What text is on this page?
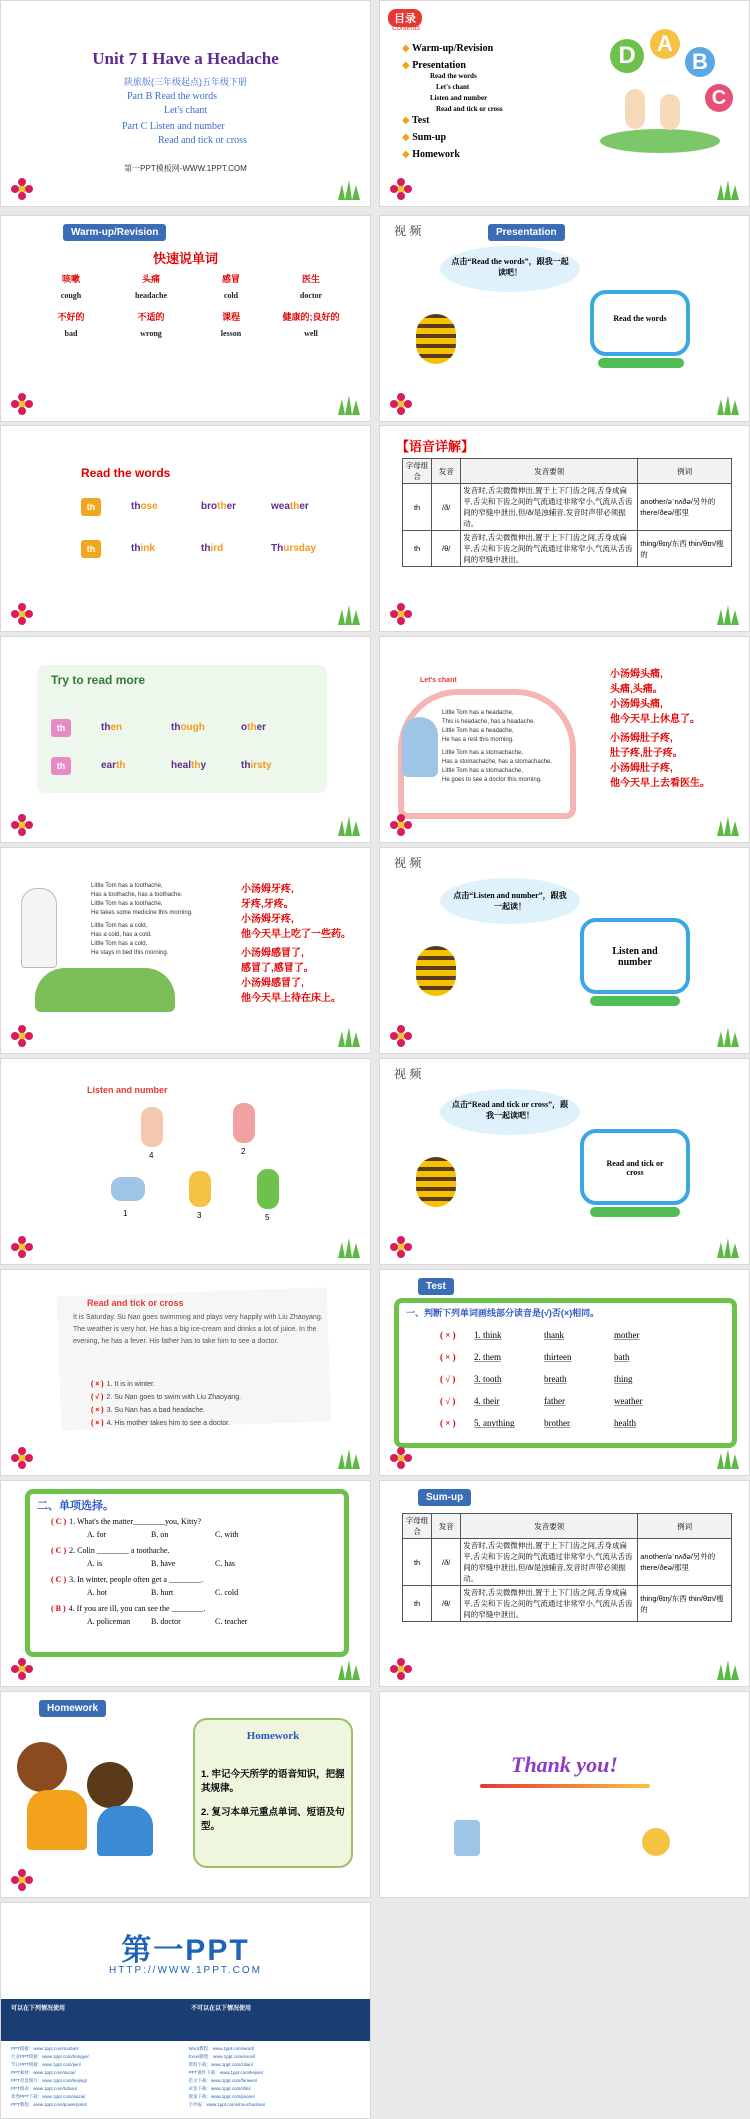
Unit 7 I Have a Headache
陕旅版(三年级起点)五年级下册
Part B Read the words
Let's chant
Part C Listen and number
Read and tick or cross
第一PPT模板网-WWW.1PPT.COM
目录
Contents
◆ Warm-up/Revision
◆ Presentation
Read the words
Let's chant
Listen and number
Read and tick or cross
◆ Test
◆ Sum-up
◆ Homework
D A
B
C
Warm-up/Revision
快速说单词
咳嗽	头痛	感冒	医生
cough	headache	cold	doctor
不好的	不适的	课程	健康的;良好的
bad	wrong	lesson	well
视 频	Presentation
点击“Read the words”，跟我一起读吧！
Read the words
Read the words
th	those	brother	weather
th	think	third	Thursday
【语音详解】
字母组合	发音	发音要领	例词
th	/ð/	发音时,舌尖微微伸出,置于上下门齿之间,舌身成扁平,舌尖和下齿之间的气流通过非常窄小,气流从舌齿间的窄缝中泄出,但/ð/是浊辅音,发音时声带必须振动。	another/əˈnʌðə/另外的 there/ðeə/那里
th	/θ/	发音时,舌尖微微伸出,置于上下门齿之间,舌身成扁平,舌尖和下齿之间的气流通过非常窄小,气流从舌齿间的窄缝中泄出。	thing/θɪŋ/东西 thin/θɪn/瘦的
Try to read more
th	then	though	other
th	earth	healthy	thirsty
Let's chant
Little Tom has a headache,
This is headache, has a headache.
Little Tom has a headache,
He has a rest this morning.
Little Tom has a stomachache,
Has a stomachache, has a stomachache.
Little Tom has a stomachache,
He goes to see a doctor this morning.
小汤姆头痛,
头痛,头痛。
小汤姆头痛,
他今天早上休息了。
小汤姆肚子疼,
肚子疼,肚子疼。
小汤姆肚子疼,
他今天早上去看医生。
Little Tom has a toothache,
Has a toothache, has a toothache.
Little Tom has a toothache,
He takes some medicine this morning.
Little Tom has a cold,
Has a cold, has a cold.
Little Tom has a cold,
He stays in bed this morning.
小汤姆牙疼,
牙疼,牙疼。
小汤姆牙疼,
他今天早上吃了一些药。
小汤姆感冒了,
感冒了,感冒了。
小汤姆感冒了,
他今天早上待在床上。
视 频
点击“Listen and number”，跟我一起读！
Listen and number
Listen and number
4	2
1	3	5
视 频
点击“Read and tick or cross”，跟我一起读吧！
Read and tick or cross
Read and tick or cross
It is Saturday. Su Nan goes swimming and plays very happily with Liu Zhaoyang. The weather is very hot. He has a big ice-cream and drinks a lot of juice. In the evening, he has a fever. His father has to take him to see a doctor.
( × ) 1. It is in winter.
( √ ) 2. Su Nan goes to swim with Liu Zhaoyang.
( × ) 3. Su Nan has a bad headache.
( × ) 4. His mother takes him to see a doctor.
Test
一、判断下列单词画线部分读音是(√)否(×)相同。
( × )	1. think	thank	mother
( × )	2. them	thirteen	bath
( √ )	3. tooth	breath	thing
( √ )	4. their	father	weather
( × )	5. anything	brother	health
二、单项选择。
( C ) 1. What's the matter________you, Kitty?
A. for	B. on	C. with
( C ) 2. Colin ________ a toothache.
A. is	B. have	C. has
( C ) 3. In winter, people often get a ________.
A. hot	B. hurt	C. cold
( B ) 4. If you are ill, you can see the ________.
A. policeman	B. doctor	C. teacher
Sum-up
字母组合	发音	发音要领	例词
th	/ð/	发音时,舌尖微微伸出,置于上下门齿之间,舌身成扁平,舌尖和下齿之间的气流通过非常窄小,气流从舌齿间的窄缝中泄出,但/ð/是浊辅音,发音时声带必须振动。	another/əˈnʌðə/另外的 there/ðeə/那里
th	/θ/	发音时,舌尖微微伸出,置于上下门齿之间,舌身成扁平,舌尖和下齿之间的气流通过非常窄小,气流从舌齿间的窄缝中泄出。	thing/θɪŋ/东西 thin/θɪn/瘦的
Homework
Homework
1. 牢记今天所学的语音知识，把握其规律。
2. 复习本单元重点单词、短语及句型。
Thank you!
第一PPT
HTTP://WWW.1PPT.COM
可以在下列情况使用	不可以在以下情况使用
PPT模板：www.1ppt.com/moban/
行业PPT模板：www.1ppt.com/hangye/
节日PPT模板：www.1ppt.com/jieri/
PPT素材：www.1ppt.com/sucai/
PPT背景图片：www.1ppt.com/beijing/
PPT图表：www.1ppt.com/tubiao/
优秀PPT下载：www.1ppt.com/xiazai/
PPT教程：www.1ppt.com/powerpoint/
Word教程：www.1ppt.com/word/
Excel教程：www.1ppt.com/excel/
资料下载：www.1ppt.com/ziliao/
PPT课件下载：www.1ppt.com/kejian/
范文下载：www.1ppt.com/fanwen/
试卷下载：www.1ppt.com/shiti/
教案下载：www.1ppt.com/jiaoan/
手抄报：www.1ppt.com/shouchaobao/
